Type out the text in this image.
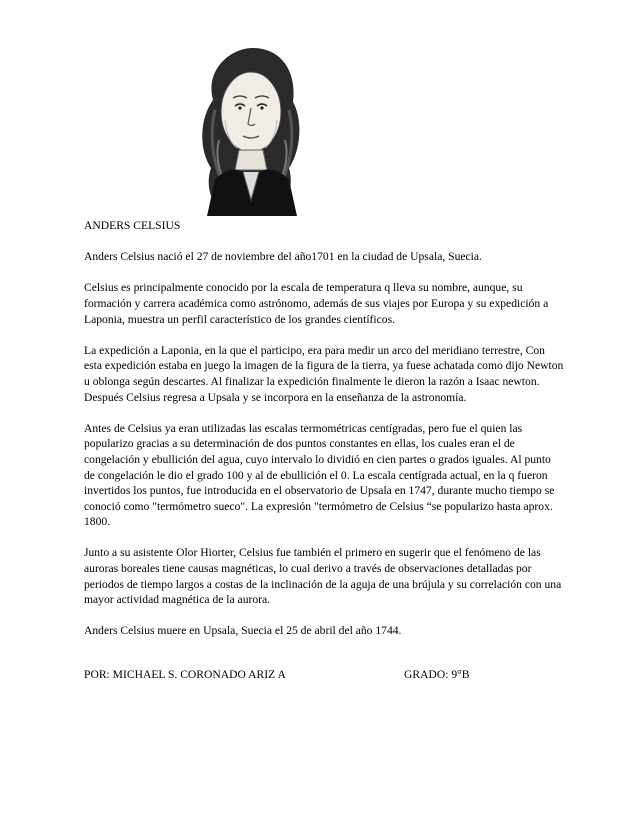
ANDERS CELSIUS

Anders Celsius nació el 27 de noviembre del año1701 en la ciudad de Upsala, Suecia.

Celsius es principalmente conocido por la escala de temperatura q lleva su nombre, aunque, su formación y carrera académica como astrónomo, además de sus viajes por Europa y su expedición a Laponia, muestra un perfil característico de los grandes científicos.

La expedición a Laponia, en la que el participo, era para medir un arco del meridiano terrestre, Con esta expedición estaba en juego la imagen de la figura de la tierra, ya fuese achatada como dijo Newton u oblonga según descartes. Al finalizar la expedición finalmente le dieron la razón a Isaac newton. Después Celsius regresa a Upsala y se incorpora en la enseñanza de la astronomía.

Antes de Celsius ya eran utilizadas las escalas termométricas centígradas, pero fue el quien las popularizo gracias a su determinación de dos puntos constantes en ellas, los cuales eran el de congelación y ebullición del agua, cuyo intervalo lo dividió en cien partes o grados iguales. Al punto de congelación le dio el grado 100 y al de ebullición el 0. La escala centígrada actual, en la q fueron invertidos los puntos, fue introducida en el observatorio de Upsala en 1747, durante mucho tiempo se conoció como "termómetro sueco". La expresión "termómetro de Celsius “se popularizo hasta aprox. 1800.

Junto a su asistente Olor Hiorter, Celsius fue también el primero en sugerir que el fenómeno de las auroras boreales tiene causas magnéticas, lo cual derivo a través de observaciones detalladas por periodos de tiempo largos a costas de la inclinación de la aguja de una brújula y su correlación con una mayor actividad magnética de la aurora.

Anders Celsius muere en Upsala, Suecia el 25 de abril del año 1744.

POR: MICHAEL S. CORONADO ARIZ A	GRADO: 9°B
